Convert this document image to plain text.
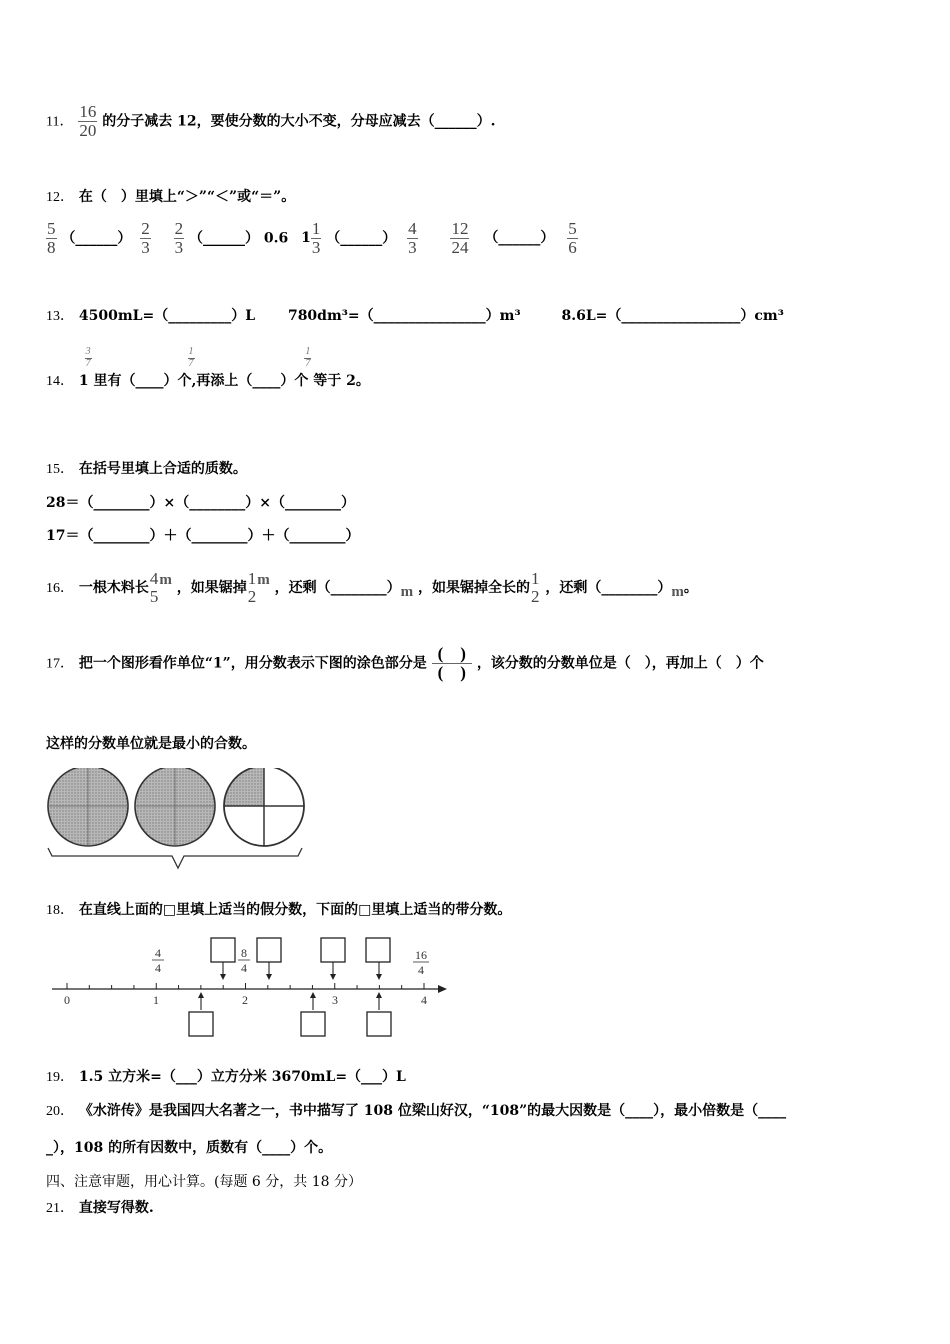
11． $\frac{16}{20}$ 的分子减去 12，要使分数的大小不变，分母应减去（______）.
12． 在（　）里填上“＞”“＜”或“＝”。
$\frac{5}{8}$ （______） $\frac{2}{3}$
$\frac{2}{3}$ （______） 0.6 $1 \frac{1}{3}$ （______） $\frac{4}{3}$
$\frac{12}{24}$ （______） $\frac{5}{6}$
13． 4500mL=（_________）L 780dm³=（________________）m³	8.6L=（_________________）cm³
14． 1
$\frac{3}{7}$
里有（____）个
$\frac{1}{7}$
,再添上（____）个
$\frac{1}{7}$
等于 2。
15． 在括号里填上合适的质数。
28＝（________）×（________）×（________）
17＝（________）＋（________）＋（________）
16． 一根木料长 4
5
m ，如果锯掉 1
2
m ，还剩（________）m ，如果锯掉全长的 1
2 ，还剩（________）m。
17． 把一个图形看作单位“1”，用分数表示下图的涂色部分是 $\frac{( )}{( )}$ ，该分数的分数单位是（　），再加上（　）个
这样的分数单位就是最小的合数。
18． 在直线上面的□里填上适当的假分数，下面的□里填上适当的带分数。
4
4
8
4
16
4
0	1	2	3	4
19． 1.5 立方米=（___）立方分米 3670mL=（___）L
20． 《水浒传》是我国四大名著之一，书中描写了 108 位梁山好汉，“108”的最大因数是（____），最小倍数是（____
_），108 的所有因数中，质数有（____）个。
四、注意审题，用心计算。(每题 6 分，共 18 分）
21． 直接写得数.
